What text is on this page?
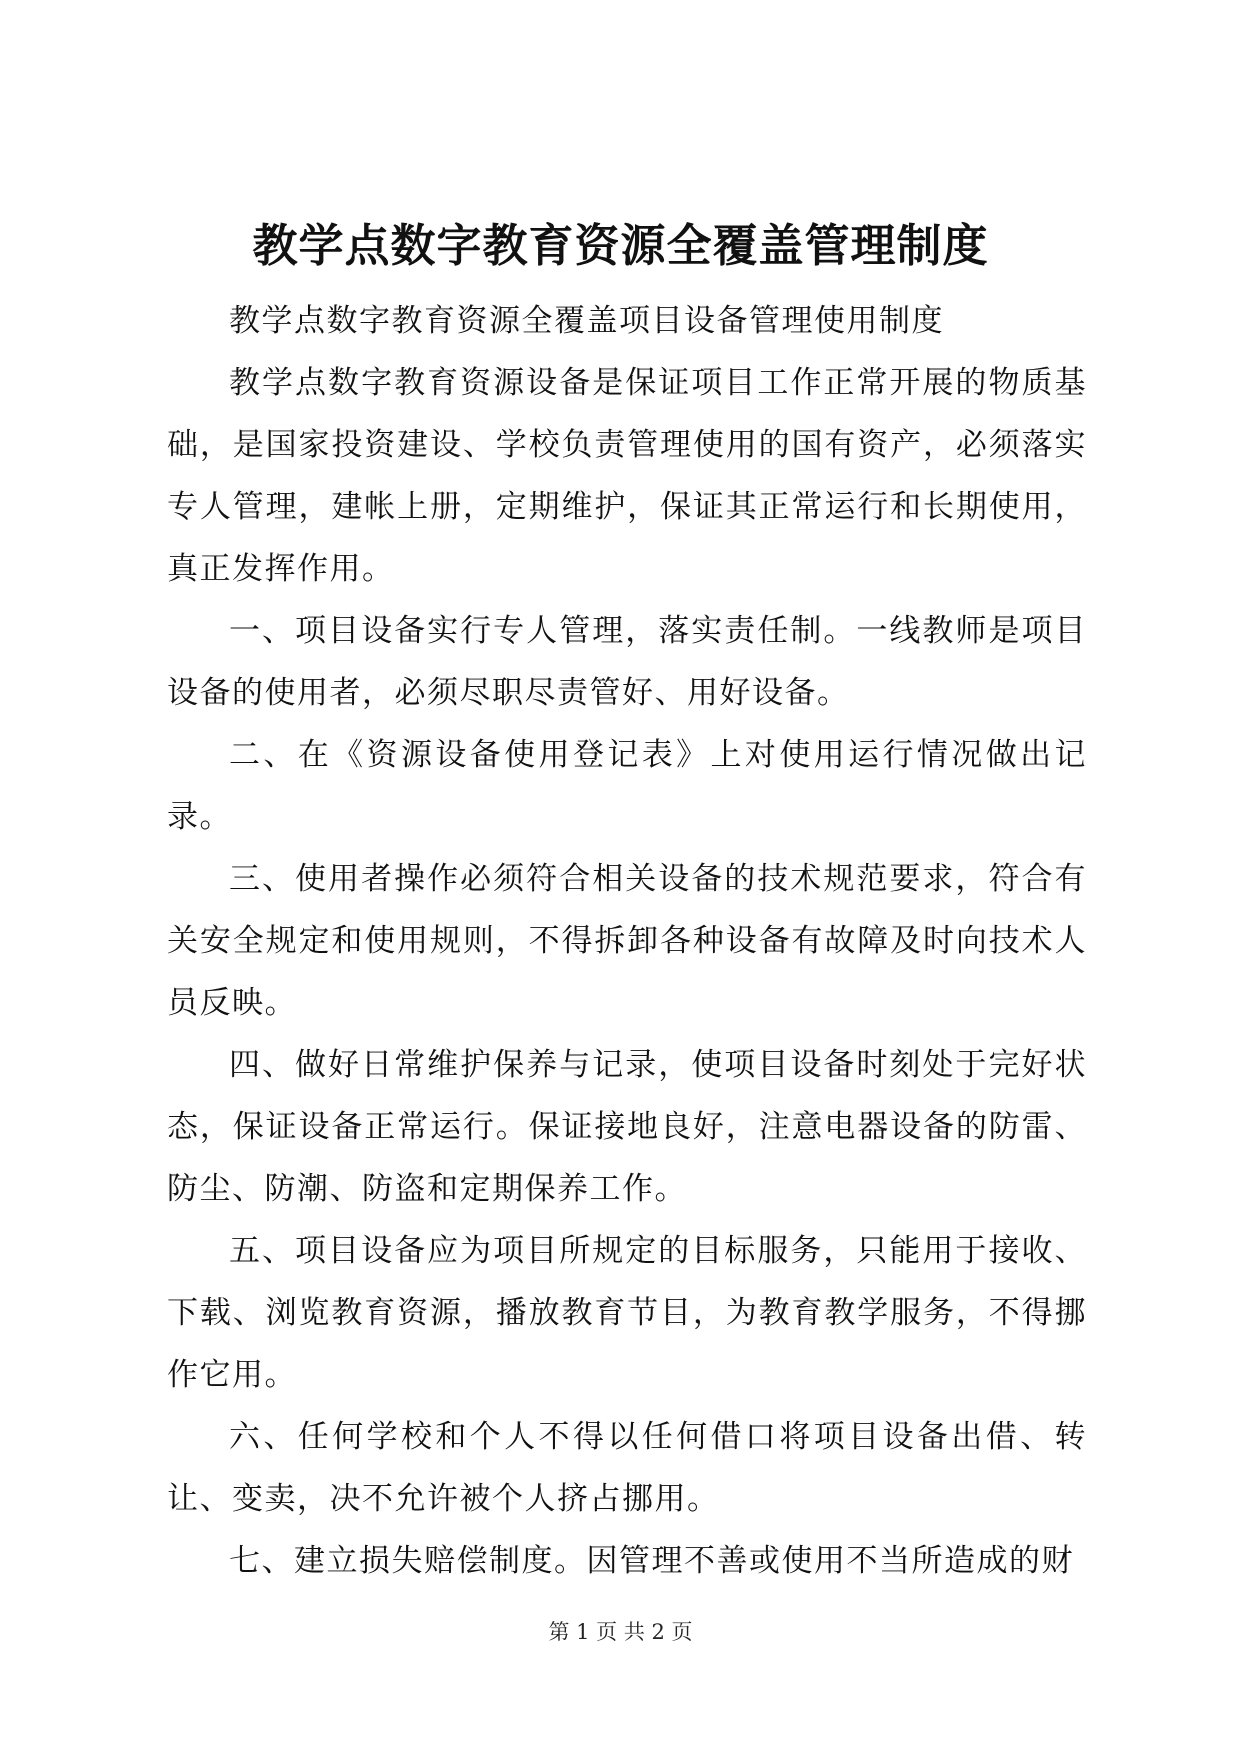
教学点数字教育资源全覆盖管理制度

教学点数字教育资源全覆盖项目设备管理使用制度

教学点数字教育资源设备是保证项目工作正常开展的物质基础，是国家投资建设、学校负责管理使用的国有资产，必须落实专人管理，建帐上册，定期维护，保证其正常运行和长期使用，真正发挥作用。

一、项目设备实行专人管理，落实责任制。一线教师是项目设备的使用者，必须尽职尽责管好、用好设备。

二、在《资源设备使用登记表》上对使用运行情况做出记录。

三、使用者操作必须符合相关设备的技术规范要求，符合有关安全规定和使用规则，不得拆卸各种设备有故障及时向技术人员反映。

四、做好日常维护保养与记录，使项目设备时刻处于完好状态，保证设备正常运行。保证接地良好，注意电器设备的防雷、防尘、防潮、防盗和定期保养工作。

五、项目设备应为项目所规定的目标服务，只能用于接收、下载、浏览教育资源，播放教育节目，为教育教学服务，不得挪作它用。

六、任何学校和个人不得以任何借口将项目设备出借、转让、变卖，决不允许被个人挤占挪用。

七、建立损失赔偿制度。因管理不善或使用不当所造成的财

第 1 页 共 2 页
